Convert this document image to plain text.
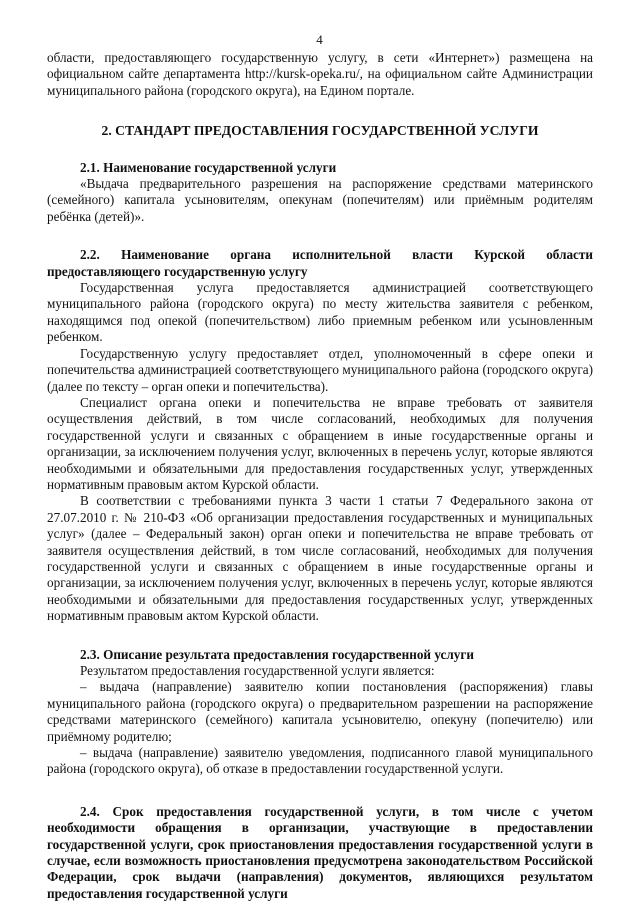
4

области, предоставляющего государственную услугу, в сети «Интернет») размещена на официальном сайте департамента http://kursk-opeka.ru/, на официальном сайте Администрации муниципального района (городского округа), на Едином портале.

2. СТАНДАРТ ПРЕДОСТАВЛЕНИЯ ГОСУДАРСТВЕННОЙ УСЛУГИ

2.1. Наименование государственной услуги

«Выдача предварительного разрешения на распоряжение средствами материнского (семейного) капитала усыновителям, опекунам (попечителям) или приёмным родителям ребёнка (детей)».

2.2. Наименование органа исполнительной власти Курской области предоставляющего государственную услугу

Государственная услуга предоставляется администрацией соответствующего муниципального района (городского округа) по месту жительства заявителя с ребенком, находящимся под опекой (попечительством) либо приемным ребенком или усыновленным ребенком.

Государственную услугу предоставляет отдел, уполномоченный в сфере опеки и попечительства администрацией соответствующего муниципального района (городского округа) (далее по тексту – орган опеки и попечительства).

Специалист органа опеки и попечительства не вправе требовать от заявителя осуществления действий, в том числе согласований, необходимых для получения государственной услуги и связанных с обращением в иные государственные органы и организации, за исключением получения услуг, включенных в перечень услуг, которые являются необходимыми и обязательными для предоставления государственных услуг, утвержденных нормативным правовым актом Курской области.

В соответствии с требованиями пункта 3 части 1 статьи 7 Федерального закона от 27.07.2010 г. № 210-ФЗ «Об организации предоставления государственных и муниципальных услуг» (далее – Федеральный закон) орган опеки и попечительства не вправе требовать от заявителя осуществления действий, в том числе согласований, необходимых для получения государственной услуги и связанных с обращением в иные государственные органы и организации, за исключением получения услуг, включенных в перечень услуг, которые являются необходимыми и обязательными для предоставления государственных услуг, утвержденных нормативным правовым актом Курской области.

2.3. Описание результата предоставления государственной услуги

Результатом предоставления государственной услуги является:

– выдача (направление) заявителю копии постановления (распоряжения) главы муниципального района (городского округа) о предварительном разрешении на распоряжение средствами материнского (семейного) капитала усыновителю, опекуну (попечителю) или приёмному родителю;

– выдача (направление) заявителю уведомления, подписанного главой муниципального района (городского округа), об отказе в предоставлении государственной услуги.

2.4. Срок предоставления государственной услуги, в том числе с учетом необходимости обращения в организации, участвующие в предоставлении государственной услуги, срок приостановления предоставления государственной услуги в случае, если возможность приостановления предусмотрена законодательством Российской Федерации, срок выдачи (направления) документов, являющихся результатом предоставления государственной услуги
